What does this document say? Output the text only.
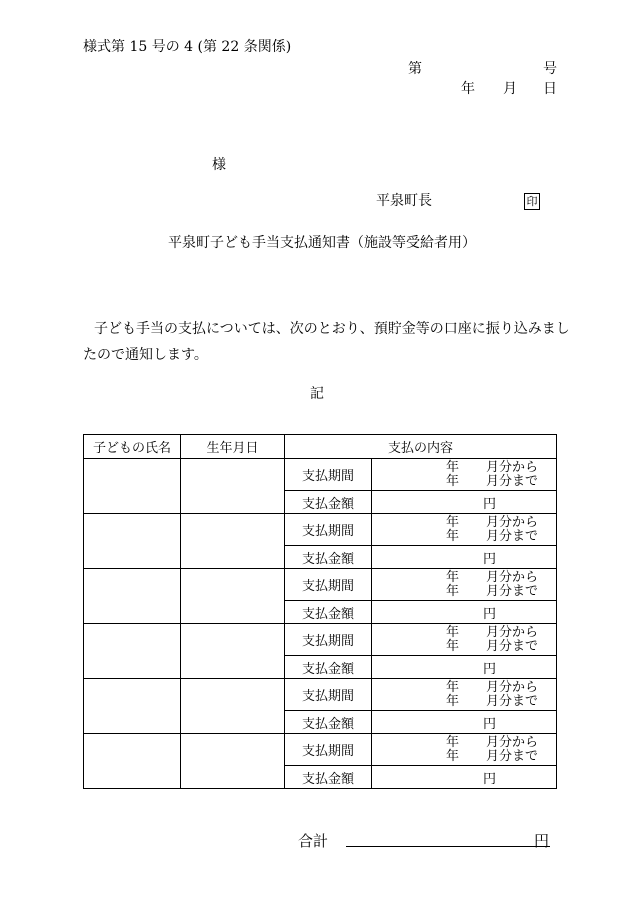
様式第 15 号の 4 (第 22 条関係)
第	号
年 月 日
様
平泉町長	印
平泉町子ども手当支払通知書（施設等受給者用）
子ども手当の支払については、次のとおり、預貯金等の口座に振り込みまし
たので通知します。
記
子どもの氏名	生年月日	支払の内容	
		支払期間	年 月分から
年 月分まで

		支払金額	円

		支払期間	年 月分から
年 月分まで

		支払金額	円

		支払期間	年 月分から
年 月分まで

		支払金額	円

		支払期間	年 月分から
年 月分まで

		支払金額	円

		支払期間	年 月分から
年 月分まで

		支払金額	円

		支払期間	年 月分から
年 月分まで

		支払金額	円
合計	円
